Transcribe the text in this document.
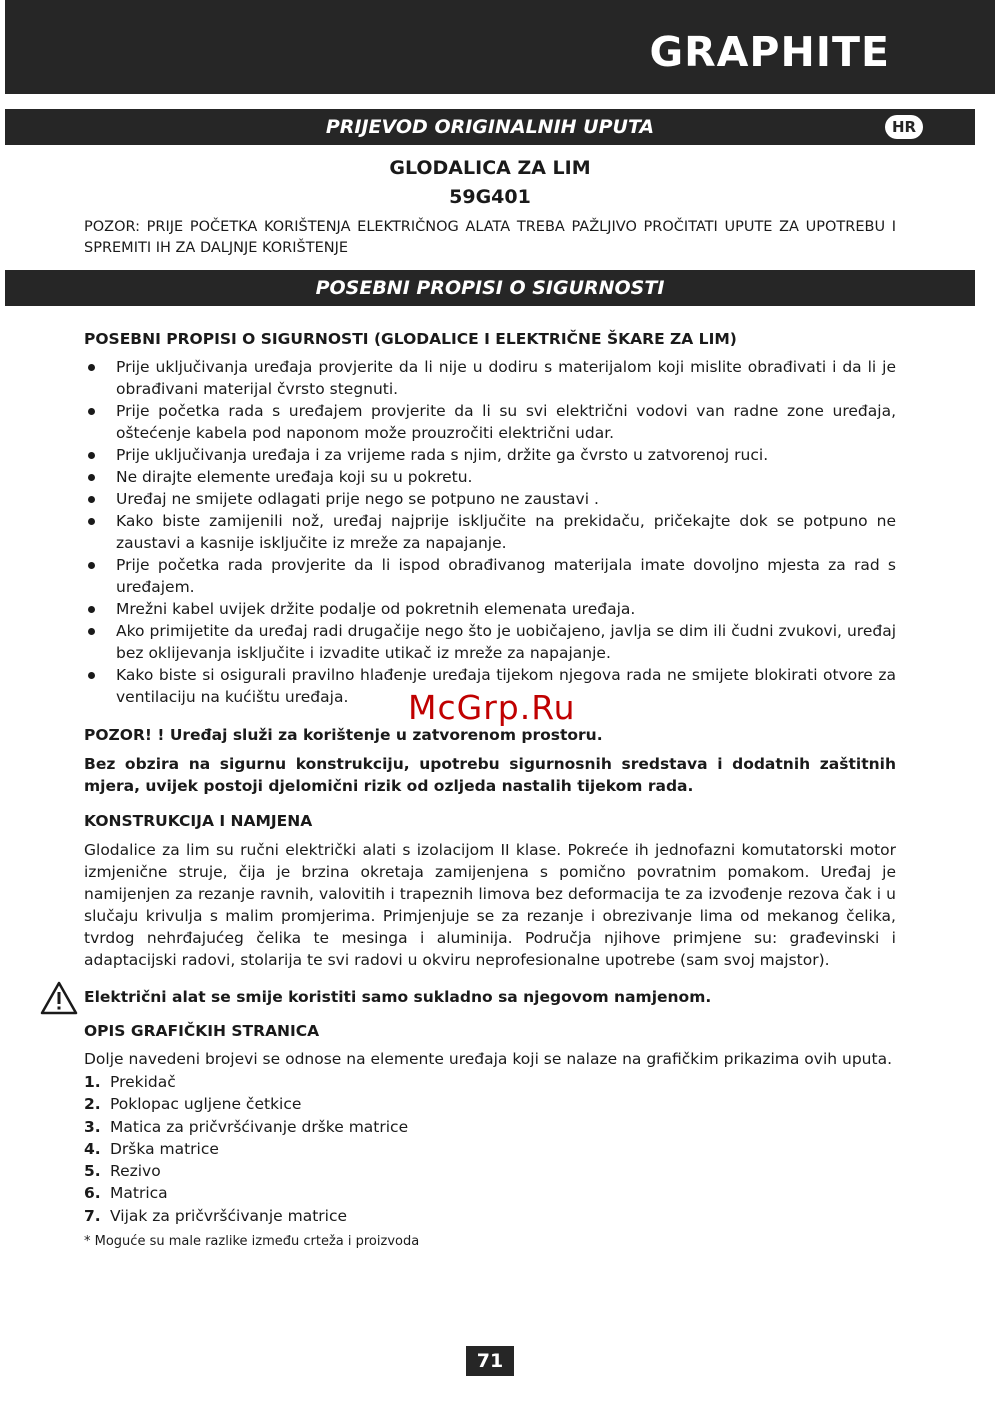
GRAPHITE
PRIJEVOD ORIGINALNIH UPUTA	HR
GLODALICA ZA LIM
59G401
POZOR: PRIJE POČETKA KORIŠTENJA ELEKTRIČNOG ALATA TREBA PAŽLJIVO PROČITATI UPUTE ZA UPOTREBU I SPREMITI IH ZA DALJNJE KORIŠTENJE
POSEBNI PROPISI O SIGURNOSTI
POSEBNI PROPISI O SIGURNOSTI (GLODALICE I ELEKTRIČNE ŠKARE ZA LIM)
Prije uključivanja uređaja provjerite da li nije u dodiru s materijalom koji mislite obrađivati i da li je obrađivani materijal čvrsto stegnuti.
Prije početka rada s uređajem provjerite da li su svi električni vodovi van radne zone uređaja, oštećenje kabela pod naponom može prouzročiti električni udar.
Prije uključivanja uređaja i za vrijeme rada s njim, držite ga čvrsto u zatvorenoj ruci.
Ne dirajte elemente uređaja koji su u pokretu.
Uređaj ne smijete odlagati prije nego se potpuno ne zaustavi .
Kako biste zamijenili nož, uređaj najprije isključite na prekidaču, pričekajte dok se potpuno ne zaustavi a kasnije isključite iz mreže za napajanje.
Prije početka rada provjerite da li ispod obrađivanog materijala imate dovoljno mjesta za rad s uređajem.
Mrežni kabel uvijek držite podalje od pokretnih elemenata uređaja.
Ako primijetite da uređaj radi drugačije nego što je uobičajeno, javlja se dim ili čudni zvukovi, uređaj bez oklijevanja isključite i izvadite utikač iz mreže za napajanje.
Kako biste si osigurali pravilno hlađenje uređaja tijekom njegova rada ne smijete blokirati otvore za ventilaciju na kućištu uređaja.
POZOR! ! Uređaj služi za korištenje u zatvorenom prostoru.
Bez obzira na sigurnu konstrukciju, upotrebu sigurnosnih sredstava i dodatnih zaštitnih mjera, uvijek postoji djelomični rizik od ozljeda nastalih tijekom rada.
KONSTRUKCIJA I NAMJENA
Glodalice za lim su ručni električki alati s izolacijom II klase. Pokreće ih jednofazni komutatorski motor izmjenične struje, čija je brzina okretaja zamijenjena s pomično povratnim pomakom. Uređaj je namijenjen za rezanje ravnih, valovitih i trapeznih limova bez deformacija te za izvođenje rezova čak i u slučaju krivulja s malim promjerima. Primjenjuje se za rezanje i obrezivanje lima od mekanog čelika, tvrdog nehrđajućeg čelika te mesinga i aluminija. Područja njihove primjene su: građevinski i adaptacijski radovi, stolarija te svi radovi u okviru neprofesionalne upotrebe (sam svoj majstor).
Električni alat se smije koristiti samo sukladno sa njegovom namjenom.
OPIS GRAFIČKIH STRANICA
Dolje navedeni brojevi se odnose na elemente uređaja koji se nalaze na grafičkim prikazima ovih uputa.
1. Prekidač
2. Poklopac ugljene četkice
3. Matica za pričvršćivanje drške matrice
4. Drška matrice
5. Rezivo
6. Matrica
7. Vijak za pričvršćivanje matrice
* Moguće su male razlike između crteža i proizvoda
McGrp.Ru
71
